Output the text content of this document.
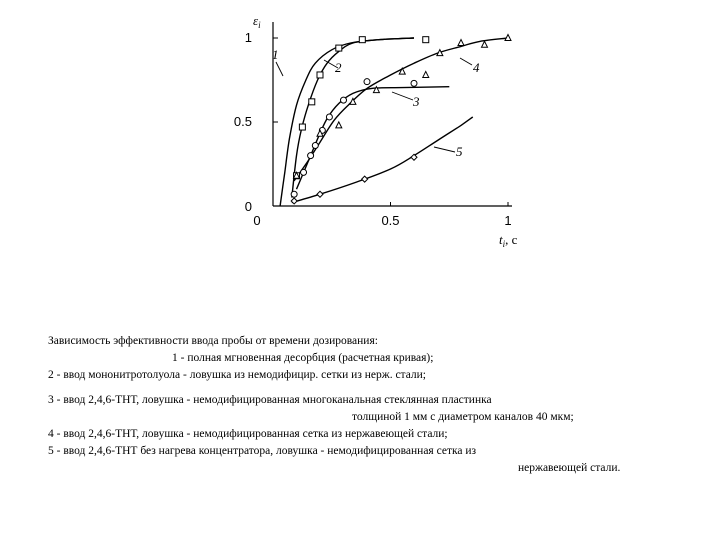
0
0.5
1
0	0.5	1
$\varepsilon_i$
$t_i$, с
1
2
3
4
5
Зависимость эффективности ввода пробы от времени дозирования:
1 - полная мгновенная десорбция (расчетная кривая);
2 - ввод мононитротолуола - ловушка из немодифицир. сетки из нерж. стали;
3 - ввод 2,4,6-ТНТ, ловушка - немодифицированная многоканальная стеклянная пластинка
толщиной 1 мм с диаметром каналов 40 мкм;
4 - ввод 2,4,6-ТНТ, ловушка - немодифицированная сетка из нержавеющей стали;
5 - ввод 2,4,6-ТНТ без нагрева концентратора, ловушка - немодифицированная сетка из
нержавеющей стали.
